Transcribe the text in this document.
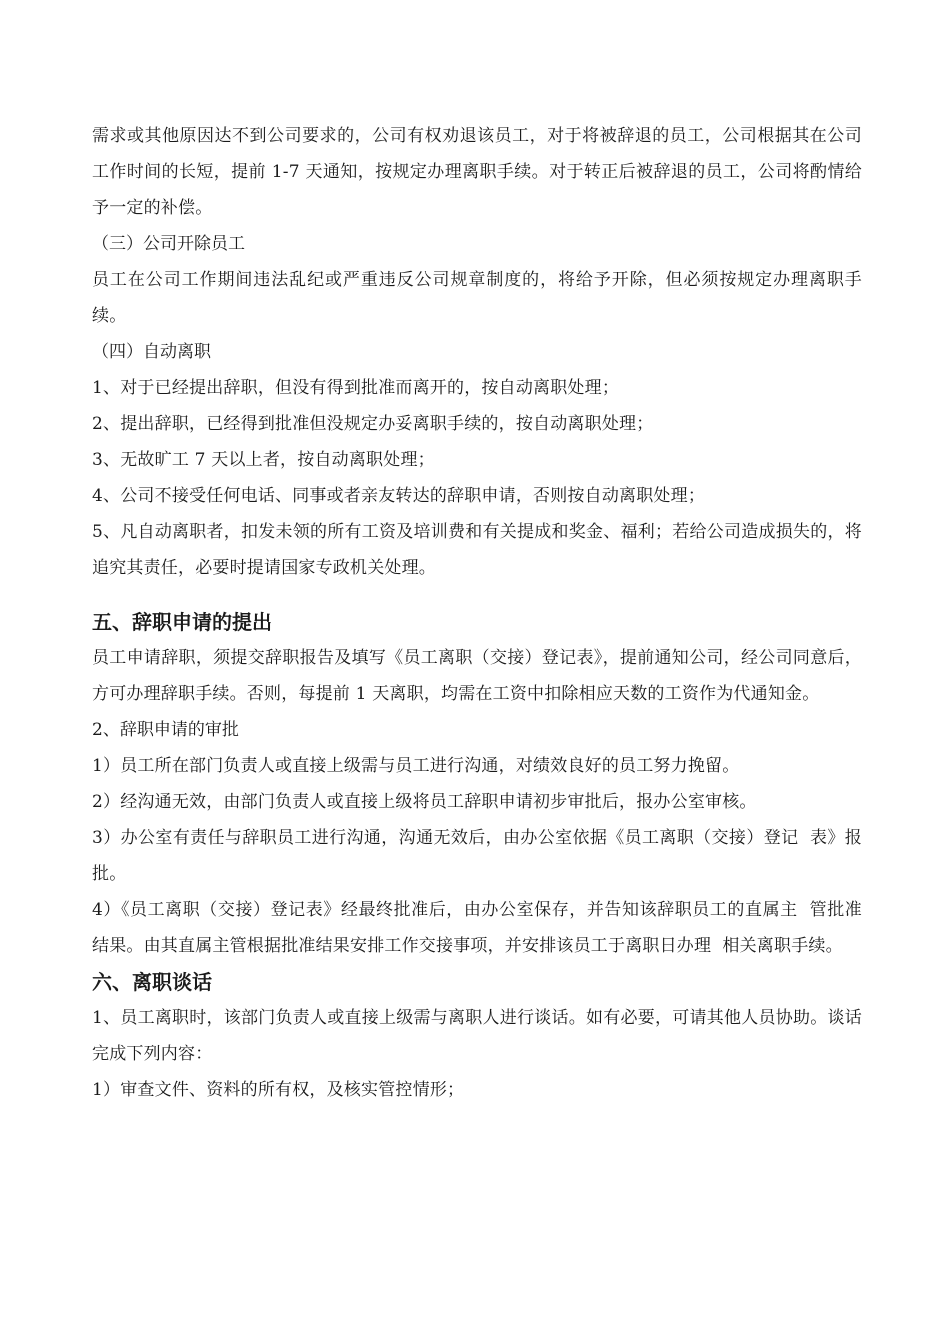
需求或其他原因达不到公司要求的，公司有权劝退该员工，对于将被辞退的员工，公司根据其在公司工作时间的长短，提前 1-7 天通知，按规定办理离职手续。对于转正后被辞退的员工，公司将酌情给予一定的补偿。

（三）公司开除员工

员工在公司工作期间违法乱纪或严重违反公司规章制度的，将给予开除，但必须按规定办理离职手续。

（四）自动离职

1、对于已经提出辞职，但没有得到批准而离开的，按自动离职处理；

2、提出辞职，已经得到批准但没规定办妥离职手续的，按自动离职处理；

3、无故旷工 7 天以上者，按自动离职处理；

4、公司不接受任何电话、同事或者亲友转达的辞职申请，否则按自动离职处理；

5、凡自动离职者，扣发未领的所有工资及培训费和有关提成和奖金、福利；若给公司造成损失的，将追究其责任，必要时提请国家专政机关处理。

五、辞职申请的提出

员工申请辞职，须提交辞职报告及填写《员工离职（交接）登记表》，提前通知公司，经公司同意后，方可办理辞职手续。否则，每提前 1 天离职，均需在工资中扣除相应天数的工资作为代通知金。

2、辞职申请的审批

1）员工所在部门负责人或直接上级需与员工进行沟通，对绩效良好的员工努力挽留。

2）经沟通无效，由部门负责人或直接上级将员工辞职申请初步审批后，报办公室审核。

3）办公室有责任与辞职员工进行沟通，沟通无效后，由办公室依据《员工离职（交接）登记  表》报批。

4）《员工离职（交接）登记表》经最终批准后，由办公室保存，并告知该辞职员工的直属主  管批准结果。由其直属主管根据批准结果安排工作交接事项，并安排该员工于离职日办理  相关离职手续。

六、离职谈话

1、员工离职时，该部门负责人或直接上级需与离职人进行谈话。如有必要，可请其他人员协助。谈话完成下列内容：

1）审查文件、资料的所有权，及核实管控情形；
